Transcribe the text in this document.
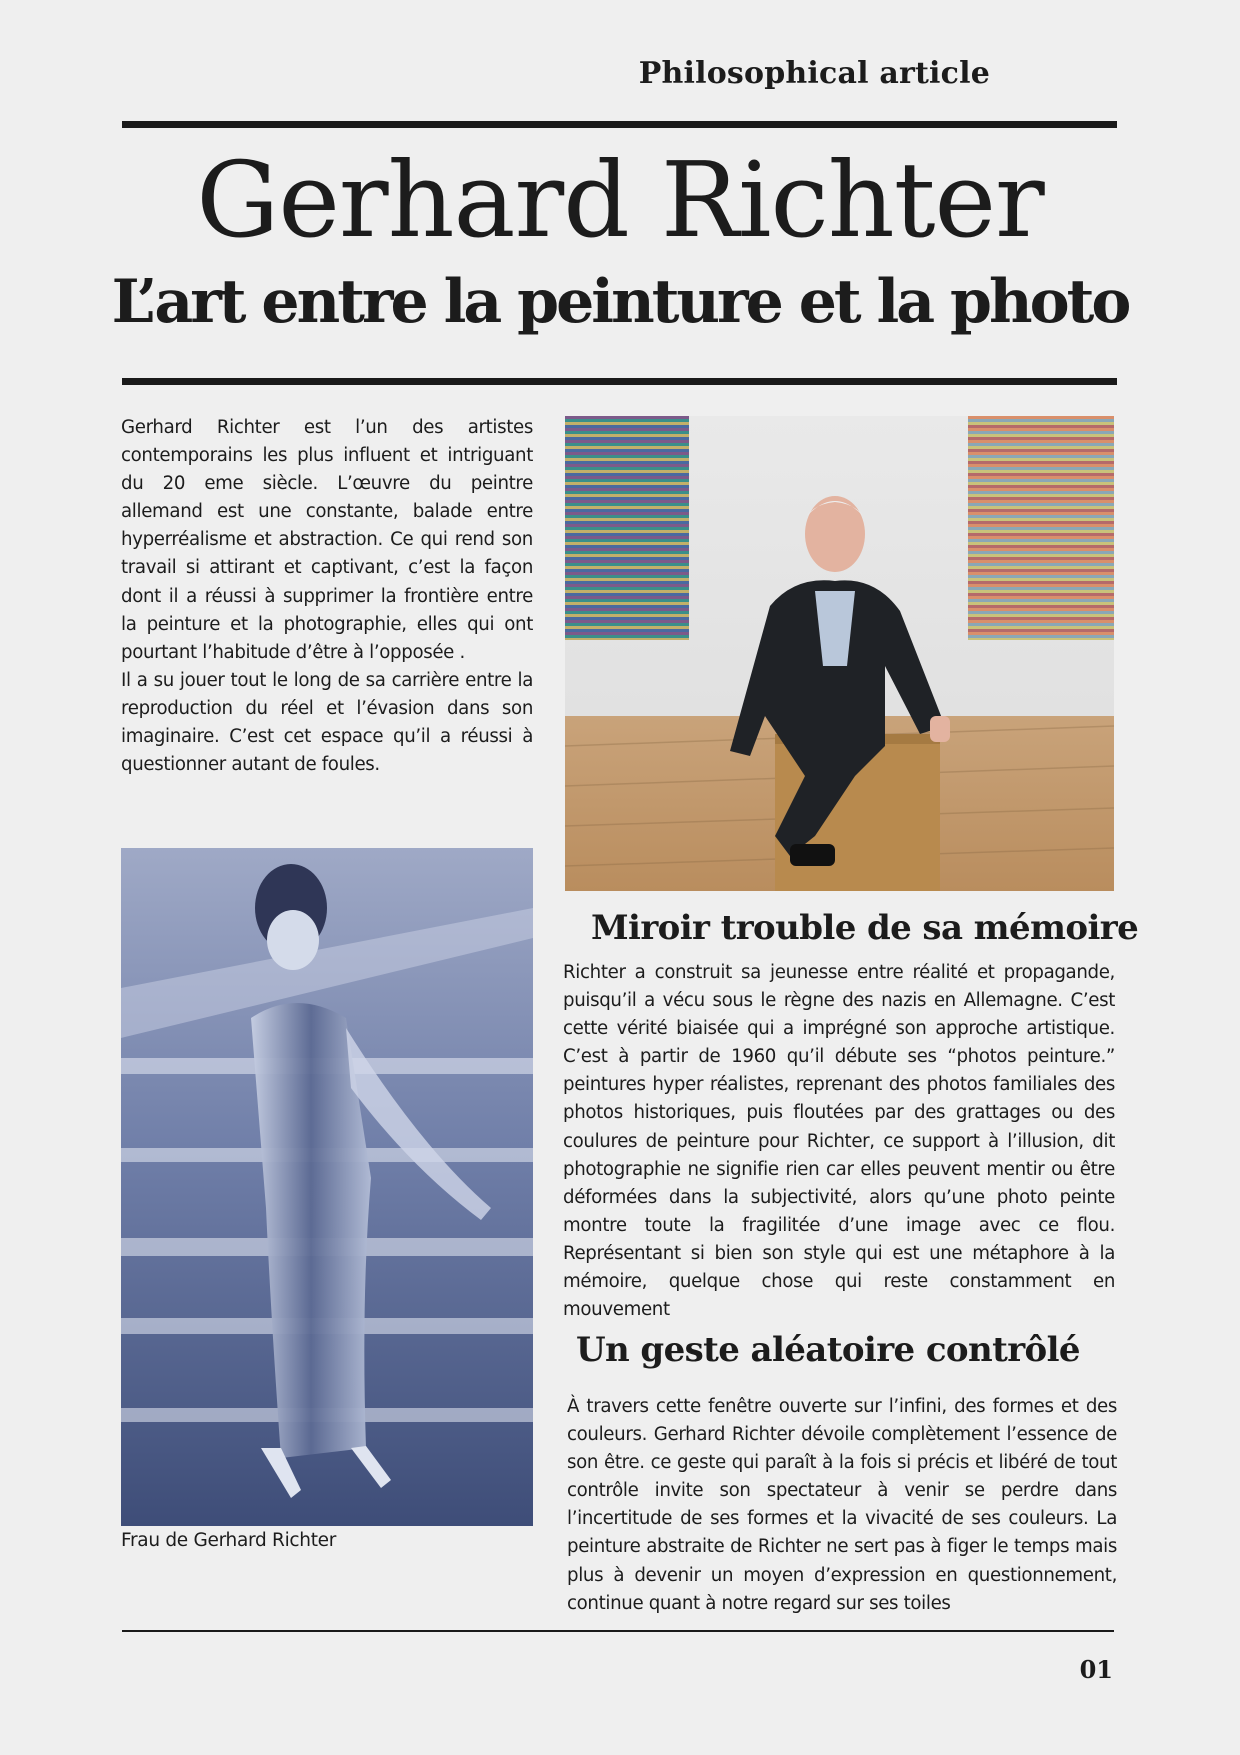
Philosophical article
Gerhard Richter
L’art entre la peinture et la photo

Gerhard Richter est l’un des artistes contemporains les plus influent et intriguant du 20 eme siècle. L’œuvre du peintre allemand est une constante, balade entre hyperréalisme et abstraction. Ce qui rend son travail si attirant et captivant, c’est la façon dont il a réussi à supprimer la frontière entre la peinture et la photographie, elles qui ont pourtant l’habitude d’être à l’opposée .

Il a su jouer tout le long de sa carrière entre la reproduction du réel et l’évasion dans son imaginaire. C’est cet espace qu’il a réussi à questionner autant de foules.

Frau de Gerhard Richter
Miroir trouble de sa mémoire

Richter a construit sa jeunesse entre réalité et propagande, puisqu’il a vécu sous le règne des nazis en Allemagne. C’est cette vérité biaisée qui a imprégné son approche artistique. C’est à partir de 1960 qu’il débute ses “photos peinture.” peintures hyper réalistes, reprenant des photos familiales des photos historiques, puis floutées par des grattages ou des coulures de peinture pour Richter, ce support à l’illusion, dit photographie ne signifie rien car elles peuvent mentir ou être déformées dans la subjectivité, alors qu’une photo peinte montre toute la fragilitée d’une image avec ce flou. Représentant si bien son style qui est une métaphore à la mémoire, quelque chose qui reste constamment en mouvement

Un geste aléatoire contrôlé

À travers cette fenêtre ouverte sur l’infini, des formes et des couleurs. Gerhard Richter dévoile complètement l’essence de son être. ce geste qui paraît à la fois si précis et libéré de tout contrôle invite son spectateur à venir se perdre dans l’incertitude de ses formes et la vivacité de ses couleurs. La peinture abstraite de Richter ne sert pas à figer le temps mais plus à devenir un moyen d’expression en questionnement, continue quant à notre regard sur ses toiles

01
